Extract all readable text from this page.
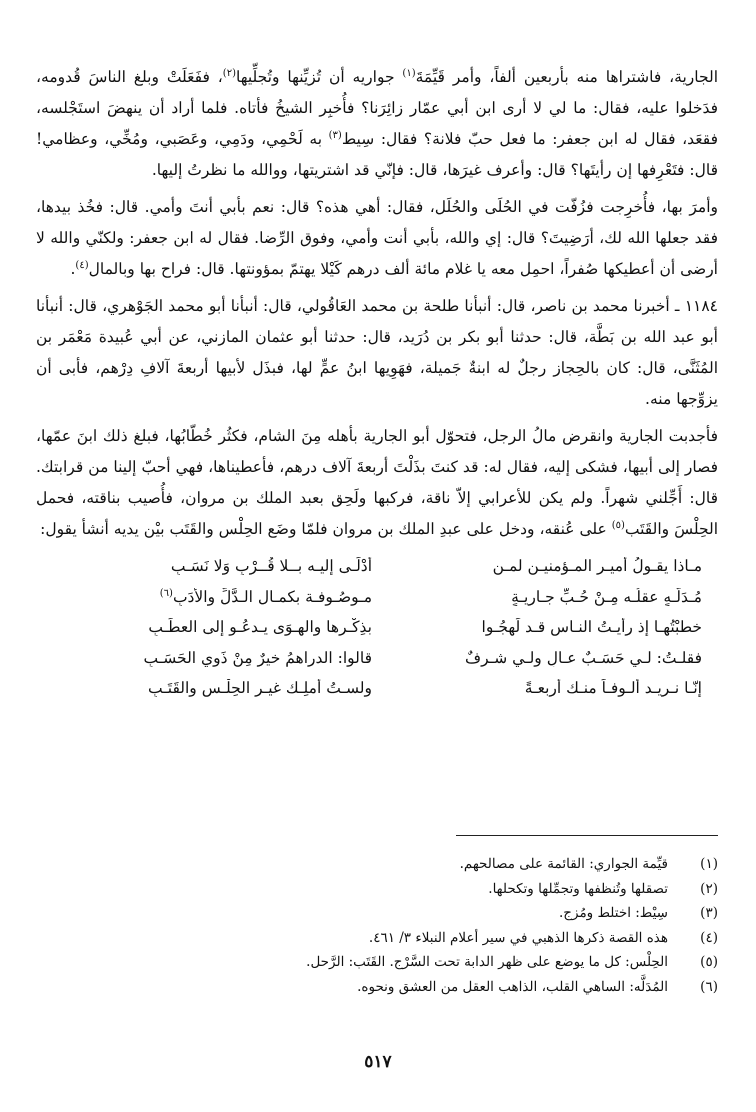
الجارية، فاشتراها منه بأربعين ألفاً، وأمر قَيِّمَةَ$^{(١)}$ جواريه أن تُزيِّنها وتُجلِّيها$^{(٢)}$، ففَعَلَتْ وبلغ الناسَ قُدومه، فدَخلوا عليه، فقال: ما لي لا أرى ابن أبي عمّار زائِرَنا؟ فأُخبِر الشيخُ فأتاه. فلما أراد أن ينهضَ استَجْلسه، فقعَد، فقال له ابن جعفر: ما فعل حبّ فلانة؟ فقال: سِيط$^{(٣)}$ به لَحْمِي، ودَمِي، وعَصَبي، ومُخِّي، وعظامي! قال: فتَعْرِفها إن رأيتَها؟ قال: وأعرف غيرَها، قال: فإنّي قد اشتريتها، ووالله ما نظرتُ إليها.

وأمرَ بها، فأُخرِجت فزُفّت في الحُلَى والحُلَل، فقال: أهي هذه؟ قال: نعم بأبي أنتَ وأمي. قال: فخُذ بيدها، فقد جعلها الله لك، أرَضِيتَ؟ قال: إي والله، بأبي أنت وأمي، وفوق الرِّضا. فقال له ابن جعفر: ولكنّي والله لا أرضى أن أعطيكها صُفراً، احمِل معه يا غلام مائة ألف درهم كَيْلا يهتمّ بمؤونتها. قال: فراح بها وبالمال$^{(٤)}$.

١١٨٤ ـ أخبرنا محمد بن ناصر، قال: أنبأنا طلحة بن محمد العَاقُولي، قال: أنبأنا أبو محمد الجَوْهري، قال: أنبأنا أبو عبد الله بن بَطَّة، قال: حدثنا أبو بكر بن دُرَيد، قال: حدثنا أبو عثمان المازني، عن أبي عُبيدة مَعْمَر بن المُثَنَّى، قال: كان بالحِجاز رجلٌ له ابنةٌ جَميلة، فهَوِيها ابنُ عمٍّ لها، فبذَل لأبيها أربعةَ آلافِ دِرْهم، فأبى أن يزوِّجها منه.

فأجدبت الجارية وانقرض مالُ الرجل، فتحوّل أبو الجارية بأهله مِنَ الشام، فكثُر خُطّابُها، فبلغ ذلك ابنَ عمّها، فصار إلى أبيها، فشكى إليه، فقال له: قد كنتَ بذَلْتَ أربعةَ آلاف درهم، فأعطيناها، فهي أحبّ إلينا من قرابتك. قال: أَجِّلني شهراً. ولم يكن للأعرابي إلاّ ناقة، فركبها ولَحِق بعبد الملك بن مروان، فأُصيب بناقته، فحمل الحِلْسَ والقَتَب$^{(٥)}$ على عُنقه، ودخل على عبدِ الملك بن مروان فلمّا وضَع الحِلْس والقَتَب بيْن يديه أنشأ يقول:

مـاذا يقـولُ أميـر المـؤمنيـن لمـن
أدْلَـى إليـه بــلا قُــرْبٍ وَلا نَسَـبِ
مُـدَلَّـهٍ عقلُـه مِـنْ حُـبِّ جـاريـةٍ
مـوصُـوفـة بكمـال الـدَّلِّ والأدَبِ$^{(٦)}$
خطبْتُهـا إذ رأيـتُ النـاس قـد لَهِجُـوا
بذِكْـرها والهـوَى يـدعُـو إلى العطَـبِ
فقلـتُ: لـي حَسَـبٌ عـالٍ ولـي شـرفٌ
قالوا: الدراهمُ خيرٌ مِنْ ذَوِي الحَسَـبِ
إنّـا نـريـد ألـوفـاً منـك أربعـةً
ولسـتُ أملِـك غيـر الحِلْـسِ والقَتَـبِ
(١)
قيِّمة الجواري: القائمة على مصالحهم.
(٢)
تصقلها وتُنظفها وتجمِّلها وتكحلها.
(٣)
سِيْط: اختلط ومُزج.
(٤)
هذه القصة ذكرها الذهبي في سير أعلام النبلاء ٣/ ٤٦١.
(٥)
الحِلْس: كل ما يوضع على ظهر الدابة تحت السَّرْج. القَتَب: الرَّحل.
(٦)
المُدَلَّه: الساهي القلب، الذاهب العقل من العشق ونحوه.
٥١٧
